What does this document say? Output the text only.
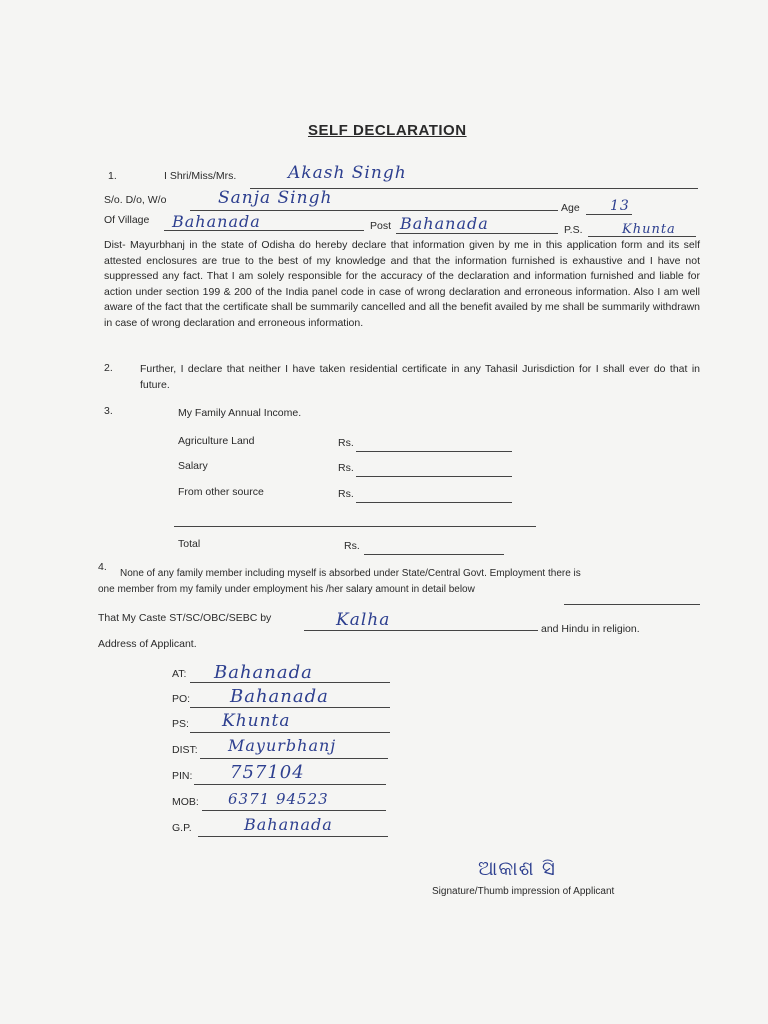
SELF DECLARATION
1.	I Shri/Miss/Mrs.	Akash Singh
S/o. D/o, W/o	Sanja Singh	Age 13
Of Village Bahanada	Post Bahanada	P.S.	Khunta
Dist- Mayurbhanj in the state of Odisha do hereby declare that information given by me in this application form and its self attested enclosures are true to the best of my knowledge and that the information furnished is exhaustive and I have not suppressed any fact. That I am solely responsible for the accuracy of the declaration and information furnished and liable for action under section 199 & 200 of the India panel code in case of wrong declaration and erroneous information. Also I am well aware of the fact that the certificate shall be summarily cancelled and all the benefit availed by me shall be summarily withdrawn in case of wrong declaration and erroneous information.
2.	Further, I declare that neither I have taken residential certificate in any Tahasil Jurisdiction for I shall ever do that in future.
3.	My Family Annual Income.
Agriculture Land	Rs.
Salary	Rs.
From other source	Rs.
Total	Rs.
4.
None of any family member including myself is absorbed under State/Central Govt. Employment there is
one member from my family under employment his /her salary amount in detail below
That My Caste ST/SC/OBC/SEBC by	Kalha	and Hindu in religion.
Address of Applicant.
AT: Bahanada
PO: Bahanada
PS: Khunta
DIST: Mayurbhanj
PIN: 757104
MOB: 6371 94523
G.P.	Bahanada
ଆକାଶ ସି
Signature/Thumb impression of Applicant
